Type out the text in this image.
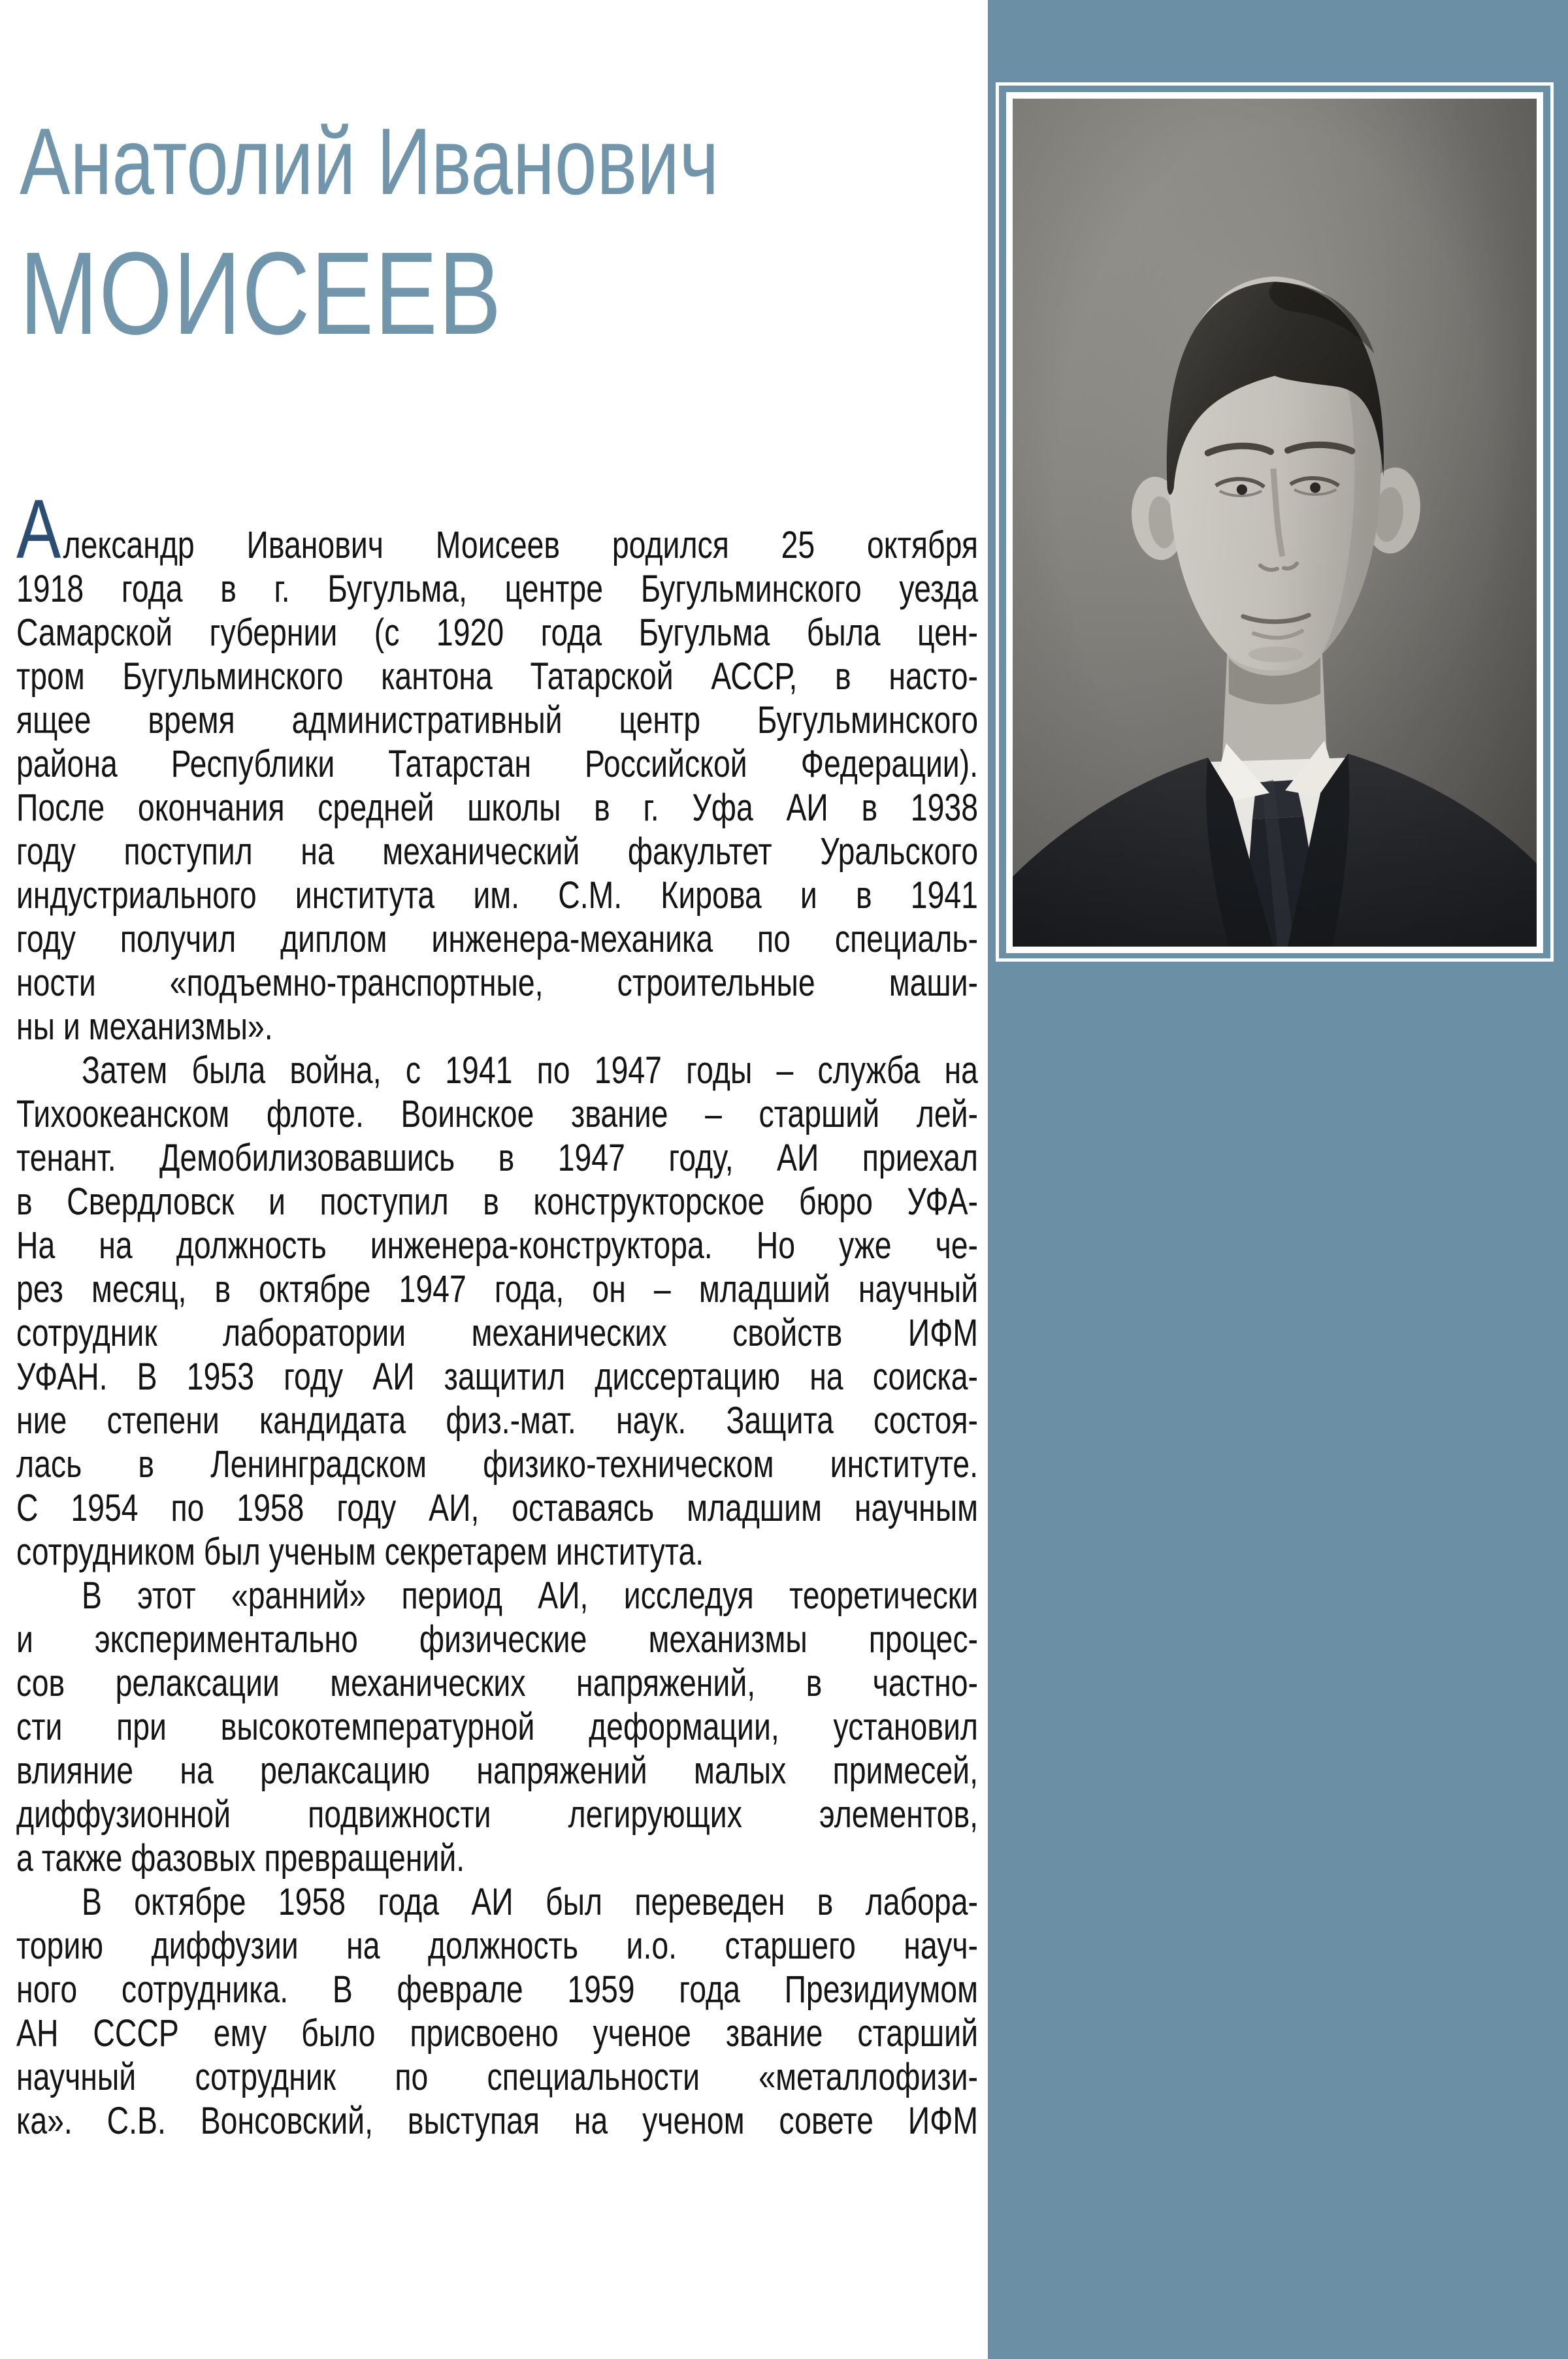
Анатолий Иванович
МОИСЕЕВ
Александр Иванович Моисеев родился 25 октября
1918 года в г. Бугульма, центре Бугульминского уезда
Самарской губернии (с 1920 года Бугульма была цен-
тром Бугульминского кантона Татарской АССР, в насто-
ящее время административный центр Бугульминского
района Республики Татарстан Российской Федерации).
После окончания средней школы в г. Уфа АИ в 1938
году поступил на механический факультет Уральского
индустриального института им. С.М. Кирова и в 1941
году получил диплом инженера-механика по специаль-
ности «подъемно-транспортные, строительные маши-
ны и механизмы».
Затем была война, с 1941 по 1947 годы – служба на
Тихоокеанском флоте. Воинское звание – старший лей-
тенант. Демобилизовавшись в 1947 году, АИ приехал
в Свердловск и поступил в конструкторское бюро УФА-
На на должность инженера-конструктора. Но уже че-
рез месяц, в октябре 1947 года, он – младший научный
сотрудник лаборатории механических свойств ИФМ
УФАН. В 1953 году АИ защитил диссертацию на соиска-
ние степени кандидата физ.-мат. наук. Защита состоя-
лась в Ленинградском физико-техническом институте.
С 1954 по 1958 году АИ, оставаясь младшим научным
сотрудником был ученым секретарем института.
В этот «ранний» период АИ, исследуя теоретически
и экспериментально физические механизмы процес-
сов релаксации механических напряжений, в частно-
сти при высокотемпературной деформации, установил
влияние на релаксацию напряжений малых примесей,
диффузионной подвижности легирующих элементов,
а также фазовых превращений.
В октябре 1958 года АИ был переведен в лабора-
торию диффузии на должность и.о. старшего науч-
ного сотрудника. В феврале 1959 года Президиумом
АН СССР ему было присвоено ученое звание старший
научный сотрудник по специальности «металлофизи-
ка». С.В. Вонсовский, выступая на ученом совете ИФМ
